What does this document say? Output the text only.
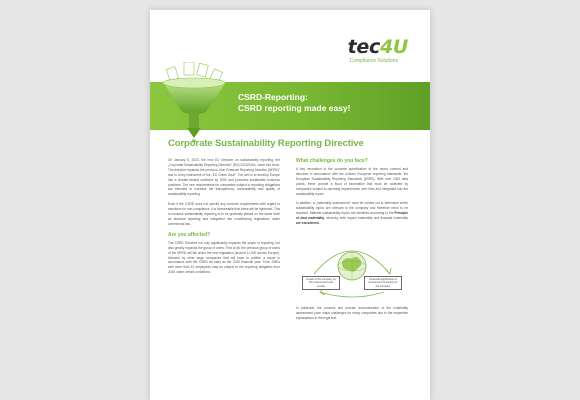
tec4U
Compliance Solutions
CSRD-Reporting:
CSRD reporting made easy!
Corporate Sustainability Reporting Directive

On January 5, 2023, the new EU directive on sustainability reporting, the „Corporate Sustainability Reporting Directive" (EU) 2022/2464, came into force. The directive replaces the previous „Non Financial Reporting Directive (NFRD)" and is a key instrument of the „EU Green Deal". The aim is to develop Europe into a climate-neutral continent by 2050 and promotes sustainable business practices. The new requirements for companies subject to reporting obligations are intended to increase the transparency, comparability and quality of sustainability reporting.

Even if the CSRD does not specify any concrete requirements with regard to sanctions for non-compliance, it is foreseeable that these will be tightened. This is because sustainability reporting is to be gradually placed on the same level as financial reporting and integrated into conditioning regulations under commercial law.

Are you affected?

The CSRD Directive not only significantly expands the scope of reporting, but also greatly expands the group of users. First of all, the previous group of users of the NFRD will fall under the new legislation (around 11,000 across Europe), followed by other large companies that will have to publish a report in accordance with the CSRD as early as the 2025 financial year. From SMEs with more than 10 employees may be subject to the reporting obligation from 2026 under certain conditions.

What challenges do you face?

A key innovation is the concrete specification of the report content and structure in accordance with the uniform European reporting standards, the European Sustainability Reporting Standards (ESRS). With over 1000 data points, these provide a flood of information that must be collected by companies subject to reporting requirements over time and integrated into the sustainability report.

In addition, a „materiality assessment" must be carried out to determine which sustainability topics are relevant to the company and therefore need to be reported. Material sustainability topics are identified according to the Principle of dual materiality, whereby both impact materiality and financial materiality are considered.

Impact of the company on the environment and society
Financial significance of environment & society for the company

In particular, the process and precise documentation of the materiality assessment pose major challenges for many companies due to the respective explanations in the legal text.
